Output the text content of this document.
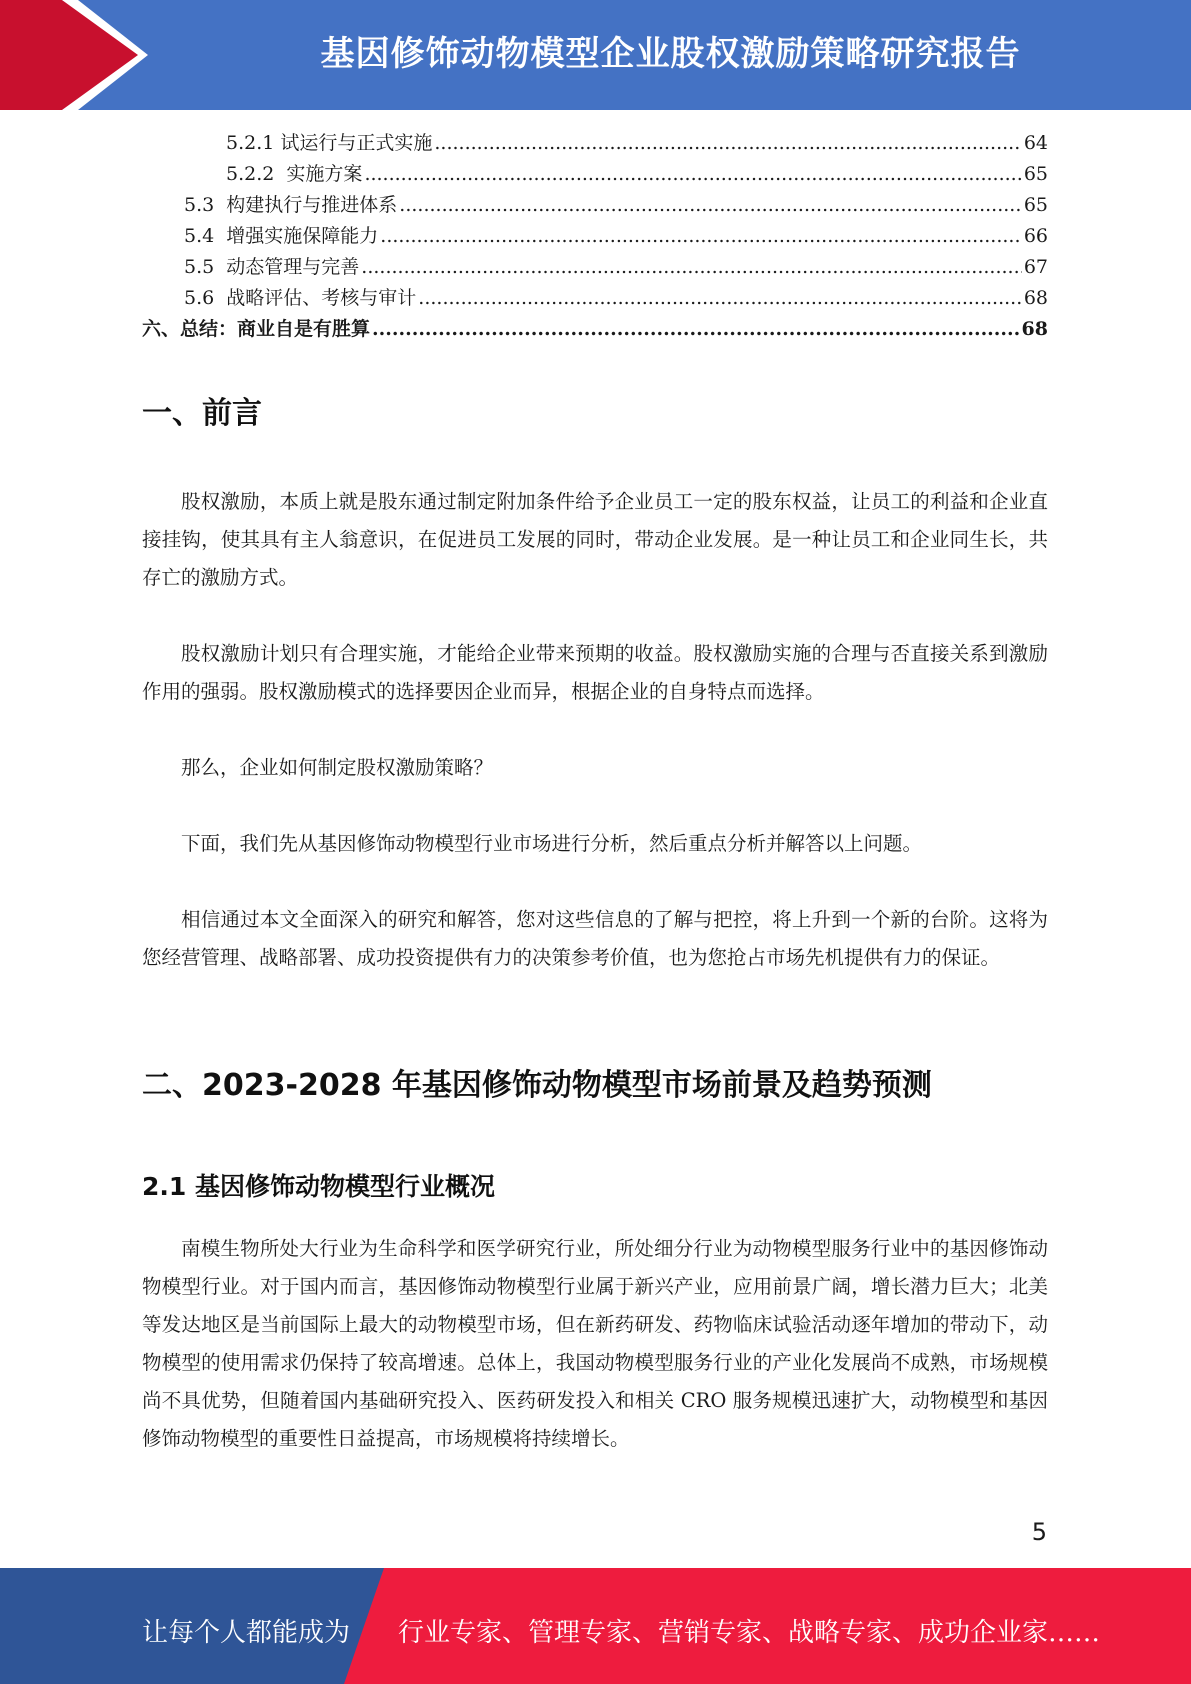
基因修饰动物模型企业股权激励策略研究报告
5.2.1 试运行与正式实施 .....	64
5.2.2  实施方案 .....	65
5.3  构建执行与推进体系 .....	65
5.4  增强实施保障能力 .....	66
5.5  动态管理与完善 .....	67
5.6  战略评估、考核与审计 .....	68
六、总结：商业自是有胜算 .....	68
一、前言

股权激励，本质上就是股东通过制定附加条件给予企业员工一定的股东权益，让员工的利益和企业直接挂钩，使其具有主人翁意识，在促进员工发展的同时，带动企业发展。是一种让员工和企业同生长，共存亡的激励方式。

股权激励计划只有合理实施，才能给企业带来预期的收益。股权激励实施的合理与否直接关系到激励作用的强弱。股权激励模式的选择要因企业而异，根据企业的自身特点而选择。

那么，企业如何制定股权激励策略？

下面，我们先从基因修饰动物模型行业市场进行分析，然后重点分析并解答以上问题。

相信通过本文全面深入的研究和解答，您对这些信息的了解与把控，将上升到一个新的台阶。这将为您经营管理、战略部署、成功投资提供有力的决策参考价值，也为您抢占市场先机提供有力的保证。

二、2023-2028 年基因修饰动物模型市场前景及趋势预测
2.1 基因修饰动物模型行业概况

南模生物所处大行业为生命科学和医学研究行业，所处细分行业为动物模型服务行业中的基因修饰动物模型行业。对于国内而言，基因修饰动物模型行业属于新兴产业，应用前景广阔，增长潜力巨大；北美等发达地区是当前国际上最大的动物模型市场，但在新药研发、药物临床试验活动逐年增加的带动下，动物模型的使用需求仍保持了较高增速。总体上，我国动物模型服务行业的产业化发展尚不成熟，市场规模尚不具优势，但随着国内基础研究投入、医药研发投入和相关 CRO 服务规模迅速扩大，动物模型和基因修饰动物模型的重要性日益提高，市场规模将持续增长。

5
让每个人都能成为 行业专家、管理专家、营销专家、战略专家、成功企业家……
